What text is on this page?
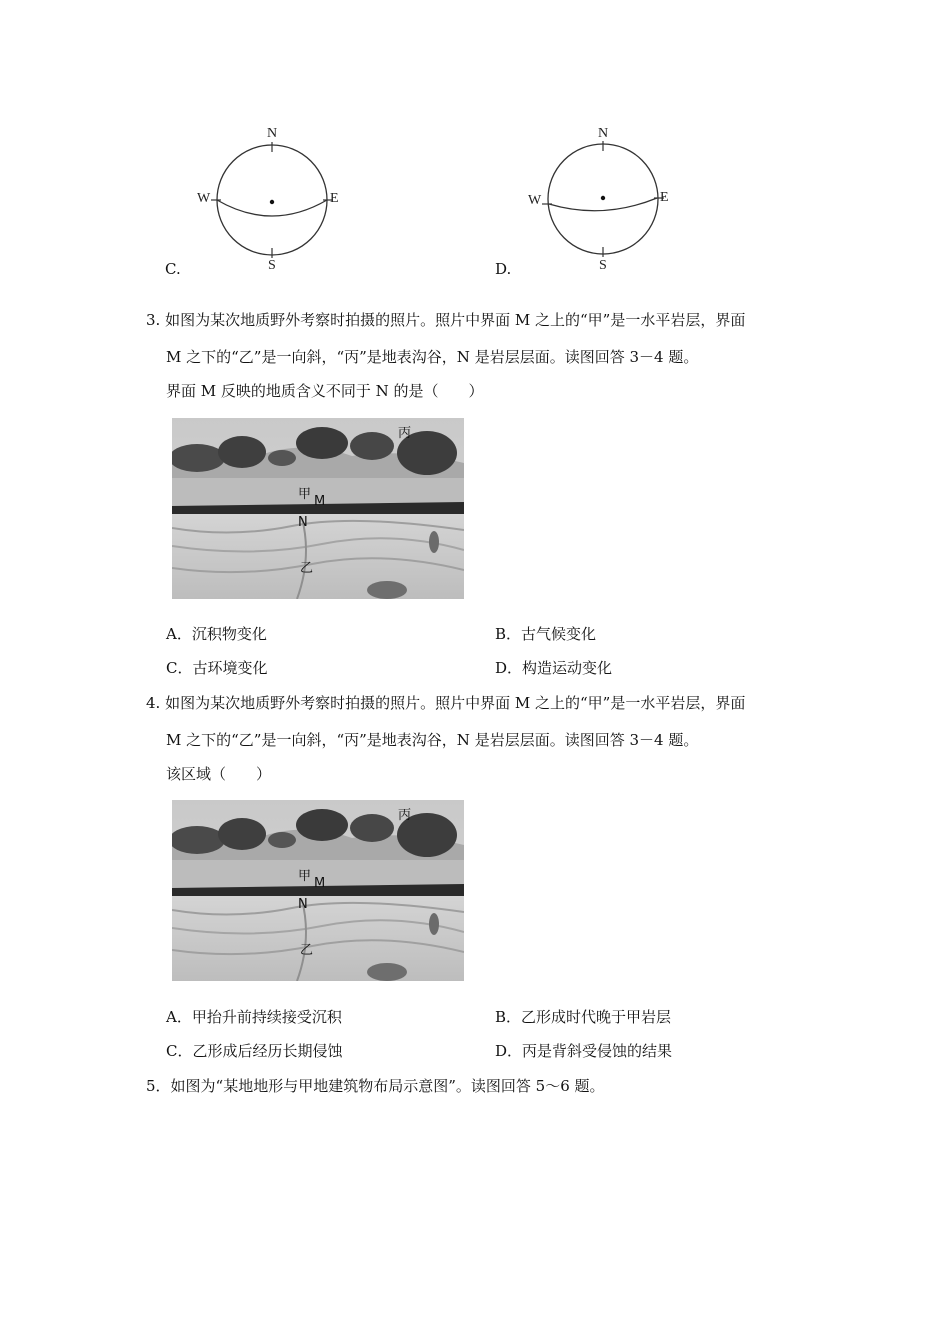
N
S
W	E
C.
N
S
W	E
D.
3. 如图为某次地质野外考察时拍摄的照片。照片中界面 M 之上的“甲”是一水平岩层，界面
M 之下的“乙”是一向斜，“丙”是地表沟谷，N 是岩层层面。读图回答 3－4 题。
界面 M 反映的地质含义不同于 N 的是（　　）
丙
甲 M
N
乙
A．沉积物变化	B．古气候变化
C．古环境变化	D．构造运动变化
4. 如图为某次地质野外考察时拍摄的照片。照片中界面 M 之上的“甲”是一水平岩层，界面
M 之下的“乙”是一向斜，“丙”是地表沟谷，N 是岩层层面。读图回答 3－4 题。
该区域（　　）
丙
甲 M
N
乙
A．甲抬升前持续接受沉积	B．乙形成时代晚于甲岩层
C．乙形成后经历长期侵蚀	D．丙是背斜受侵蚀的结果
5．如图为“某地地形与甲地建筑物布局示意图”。读图回答 5～6 题。
